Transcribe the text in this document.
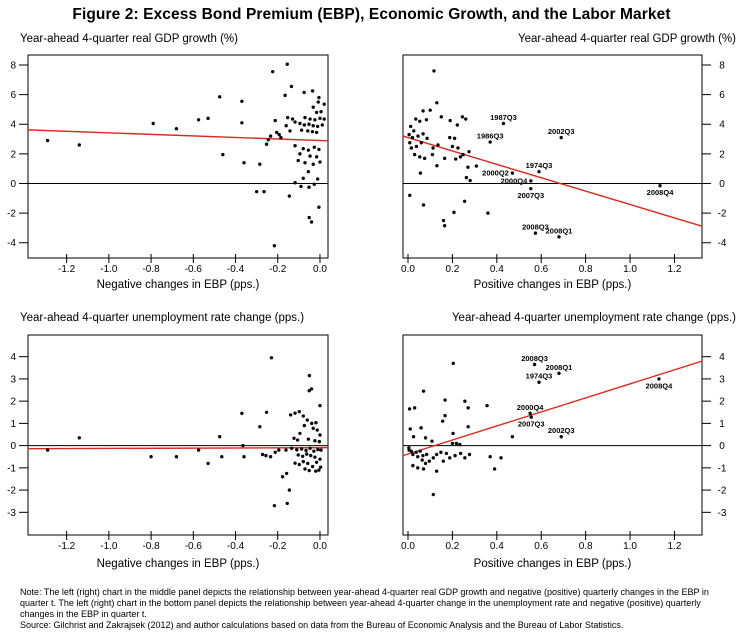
Figure 2: Excess Bond Premium (EBP), Economic Growth, and the Labor Market
Year-ahead 4-quarter real GDP growth (%)	Year-ahead 4-quarter real GDP growth (%)
-1.2 -1.0 -0.8 -0.6 -0.4 -0.2	0.0
-4
-2
0
2
4
6
8
Negative changes in EBP (pps.)
0.0	0.2	0.4	0.6	0.8	1.0	1.2
-4
-2
0
2
4
6
8
Positive changes in EBP (pps.)
1987Q3
1986Q3	2002Q3
1974Q3
2000Q2
2000Q4
2007Q3
2008Q3
2008Q1
2008Q4
Year-ahead 4-quarter unemployment rate change (pps.)	Year-ahead 4-quarter unemployment rate change (pps.)
-1.2 -1.0 -0.8 -0.6 -0.4 -0.2	0.0
-3
-2
-1
0
1
2
3
4
Negative changes in EBP (pps.)
0.0	0.2	0.4	0.6	0.8	1.0	1.2
-3
-2
-1
0
1
2
3
4
Positive changes in EBP (pps.)
2008Q3
2008Q1
1974Q3
2008Q4
2000Q4
2007Q3
2002Q3
Note: The left (right) chart in the middle panel depicts the relationship between year-ahead 4-quarter real GDP growth and negative (positive) quarterly changes in the EBP in quarter t. The left (right) chart in the bottom panel depicts the relationship between year-ahead 4-quarter change in the unemployment rate and negative (positive) quarterly changes in the EBP in quarter t.
Source: Gilchrist and Zakrajsek (2012) and author calculations based on data from the Bureau of Economic Analysis and the Bureau of Labor Statistics.
